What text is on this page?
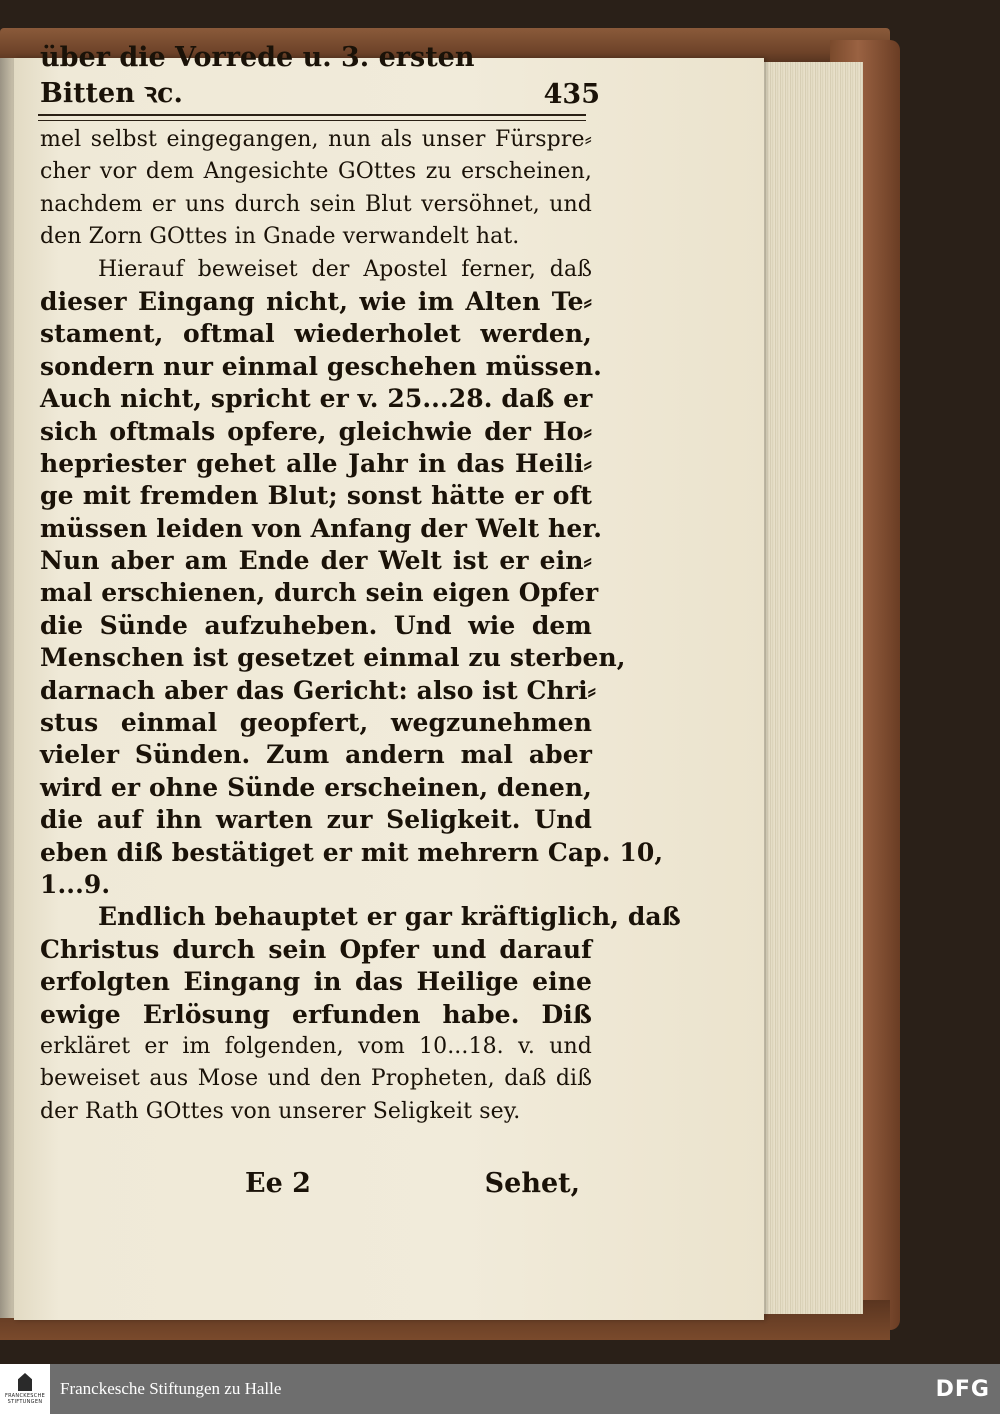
über die Vorrede u. 3. ersten Bitten ꝛc.	435
mel selbst eingegangen, nun als unser Fürspre⸗
cher vor dem Angesichte GOttes zu erscheinen,
nachdem er uns durch sein Blut versöhnet, und
den Zorn GOttes in Gnade verwandelt hat.
Hierauf beweiset der Apostel ferner, daß
dieser Eingang nicht, wie im Alten Te⸗
stament, oftmal wiederholet werden,
sondern nur einmal geschehen müssen.
Auch nicht, spricht er v. 25...28. daß er
sich oftmals opfere, gleichwie der Ho⸗
hepriester gehet alle Jahr in das Heili⸗
ge mit fremden Blut; sonst hätte er oft
müssen leiden von Anfang der Welt her.
Nun aber am Ende der Welt ist er ein⸗
mal erschienen, durch sein eigen Opfer
die Sünde aufzuheben. Und wie dem
Menschen ist gesetzet einmal zu sterben,
darnach aber das Gericht: also ist Chri⸗
stus einmal geopfert, wegzunehmen
vieler Sünden. Zum andern mal aber
wird er ohne Sünde erscheinen, denen,
die auf ihn warten zur Seligkeit. Und
eben diß bestätiget er mit mehrern Cap. 10,
1...9.
Endlich behauptet er gar kräftiglich, daß
Christus durch sein Opfer und darauf
erfolgten Eingang in das Heilige eine
ewige Erlösung erfunden habe. Diß
erkläret er im folgenden, vom 10...18. v. und
beweiset aus Mose und den Propheten, daß diß
der Rath GOttes von unserer Seligkeit sey.
Ee 2	Sehet,
FRANCKESCHE STIFTUNGEN
Franckesche Stiftungen zu Halle	DFG
